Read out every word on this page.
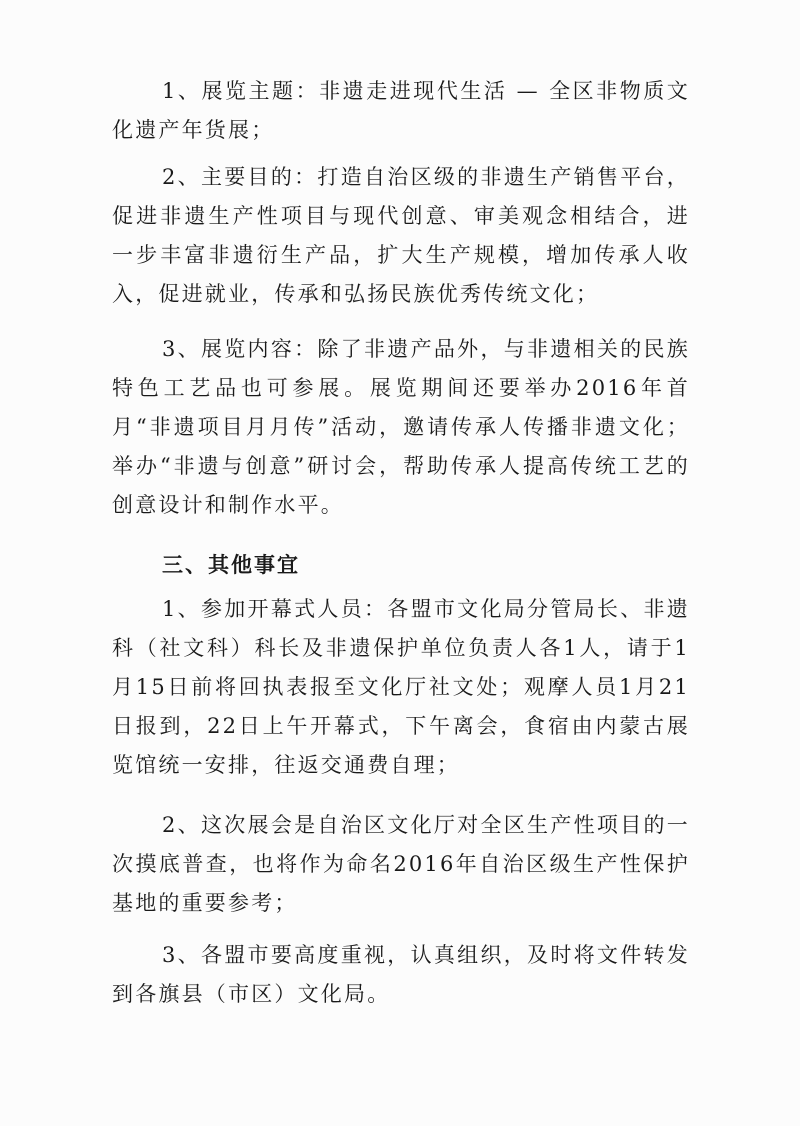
1、展览主题：非遗走进现代生活 — 全区非物质文化遗产年货展；

2、主要目的：打造自治区级的非遗生产销售平台，促进非遗生产性项目与现代创意、审美观念相结合，进一步丰富非遗衍生产品，扩大生产规模，增加传承人收入，促进就业，传承和弘扬民族优秀传统文化；

3、展览内容：除了非遗产品外，与非遗相关的民族特色工艺品也可参展。展览期间还要举办2016年首月“非遗项目月月传”活动，邀请传承人传播非遗文化；举办“非遗与创意”研讨会，帮助传承人提高传统工艺的创意设计和制作水平。

三、其他事宜

1、参加开幕式人员：各盟市文化局分管局长、非遗科（社文科）科长及非遗保护单位负责人各1人，请于1月15日前将回执表报至文化厅社文处；观摩人员1月21日报到，22日上午开幕式，下午离会，食宿由内蒙古展览馆统一安排，往返交通费自理；

2、这次展会是自治区文化厅对全区生产性项目的一次摸底普查，也将作为命名2016年自治区级生产性保护基地的重要参考；

3、各盟市要高度重视，认真组织，及时将文件转发到各旗县（市区）文化局。
